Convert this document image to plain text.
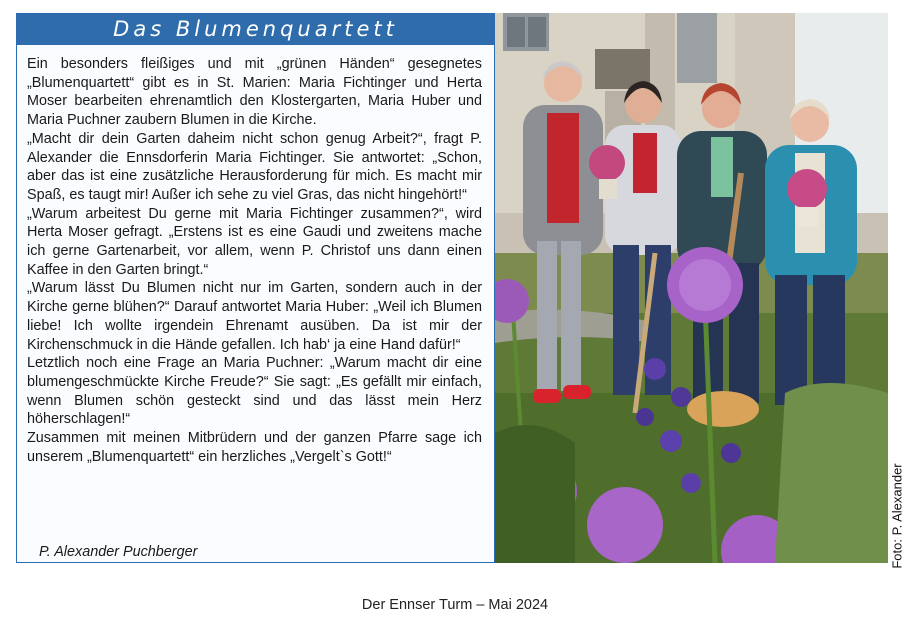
Das Blumenquartett

Ein besonders fleißiges und mit „grünen Händen“ gesegnetes „Blumenquartett“ gibt es in St. Marien: Maria Fichtinger und Herta Moser bearbeiten ehrenamtlich den Klostergarten, Maria Huber und Maria Puchner zaubern Blumen in die Kirche.

„Macht dir dein Garten daheim nicht schon genug Arbeit?“, fragt P. Alexander die Ennsdorferin Maria Fichtinger. Sie antwortet: „Schon, aber das ist eine zusätzliche Herausforderung für mich. Es macht mir Spaß, es taugt mir! Außer ich sehe zu viel Gras, das nicht hingehört!“

„Warum arbeitest Du gerne mit Maria Fichtinger zusammen?“, wird Herta Moser gefragt. „Erstens ist es eine Gaudi und zweitens mache ich gerne Gartenarbeit, vor allem, wenn P. Christof uns dann einen Kaffee in den Garten bringt.“

„Warum lässt Du Blumen nicht nur im Garten, sondern auch in der Kirche gerne blühen?“ Darauf antwortet Maria Huber: „Weil ich Blumen liebe! Ich wollte irgendein Ehrenamt ausüben. Da ist mir der Kirchenschmuck in die Hände gefallen. Ich hab‘ ja eine Hand dafür!“

Letztlich noch eine Frage an Maria Puchner: „Warum macht dir eine blumengeschmückte Kirche Freude?“ Sie sagt: „Es gefällt mir einfach, wenn Blumen schön gesteckt sind und das lässt mein Herz höherschlagen!“

Zusammen mit meinen Mitbrüdern und der ganzen Pfarre sage ich unserem „Blumenquartett“ ein herzliches „Vergelt`s Gott!“

P. Alexander Puchberger	Foto: P. Alexander
Der Ennser Turm – Mai 2024
